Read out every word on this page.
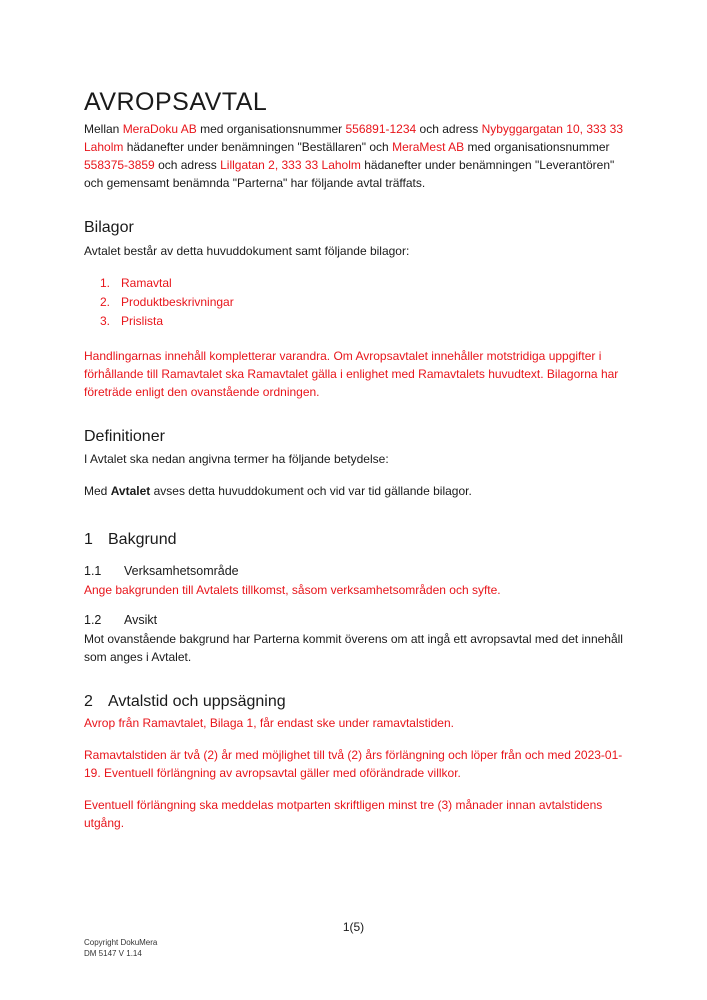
AVROPSAVTAL

Mellan MeraDoku AB med organisationsnummer 556891-1234 och adress Nybyggargatan 10, 333 33 Laholm hädanefter under benämningen "Beställaren" och MeraMest AB med organisationsnummer 558375-3859 och adress Lillgatan 2, 333 33 Laholm hädanefter under benämningen "Leverantören" och gemensamt benämnda "Parterna" har följande avtal träffats.

Bilagor

Avtalet består av detta huvuddokument samt följande bilagor:

1. Ramavtal
2. Produktbeskrivningar
3. Prislista

Handlingarnas innehåll kompletterar varandra. Om Avropsavtalet innehåller motstridiga uppgifter i förhållande till Ramavtalet ska Ramavtalet gälla i enlighet med Ramavtalets huvudtext. Bilagorna har företräde enligt den ovanstående ordningen.

Definitioner

I Avtalet ska nedan angivna termer ha följande betydelse:

Med Avtalet avses detta huvuddokument och vid var tid gällande bilagor.

1 Bakgrund
1.1 Verksamhetsområde

Ange bakgrunden till Avtalets tillkomst, såsom verksamhetsområden och syfte.

1.2 Avsikt

Mot ovanstående bakgrund har Parterna kommit överens om att ingå ett avropsavtal med det innehåll som anges i Avtalet.

2 Avtalstid och uppsägning

Avrop från Ramavtalet, Bilaga 1, får endast ske under ramavtalstiden.

Ramavtalstiden är två (2) år med möjlighet till två (2) års förlängning och löper från och med 2023-01-19. Eventuell förlängning av avropsavtal gäller med oförändrade villkor.

Eventuell förlängning ska meddelas motparten skriftligen minst tre (3) månader innan avtalstidens utgång.

1(5)
Copyright DokuMera
DM 5147 V 1.14
